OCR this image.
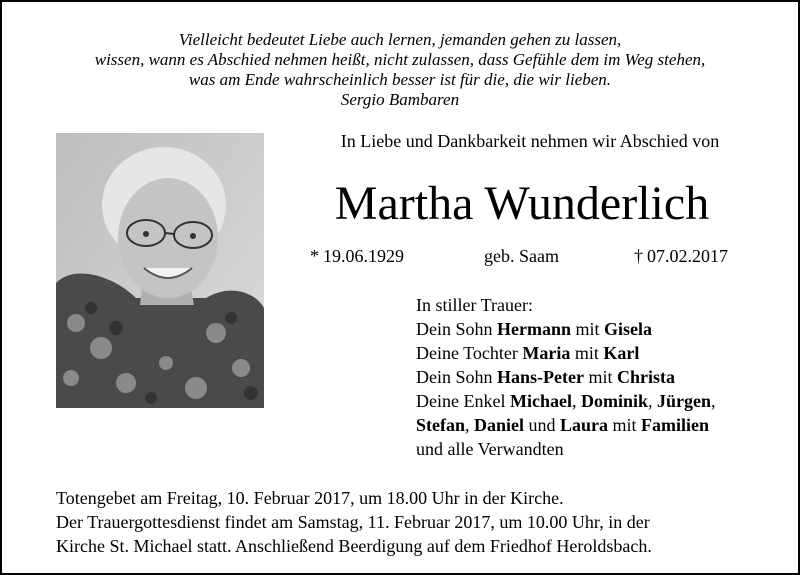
Vielleicht bedeutet Liebe auch lernen, jemanden gehen zu lassen,
wissen, wann es Abschied nehmen heißt, nicht zulassen, dass Gefühle dem im Weg stehen,
was am Ende wahrscheinlich besser ist für die, die wir lieben.
Sergio Bambaren
In Liebe und Dankbarkeit nehmen wir Abschied von
Martha Wunderlich
* 19.06.1929	geb. Saam	† 07.02.2017
In stiller Trauer:
Dein Sohn Hermann mit Gisela
Deine Tochter Maria mit Karl
Dein Sohn Hans-Peter mit Christa
Deine Enkel Michael, Dominik, Jürgen,
Stefan, Daniel und Laura mit Familien
und alle Verwandten
Totengebet am Freitag, 10. Februar 2017, um 18.00 Uhr in der Kirche.
Der Trauergottesdienst findet am Samstag, 11. Februar 2017, um 10.00 Uhr, in der
Kirche St. Michael statt. Anschließend Beerdigung auf dem Friedhof Heroldsbach.
